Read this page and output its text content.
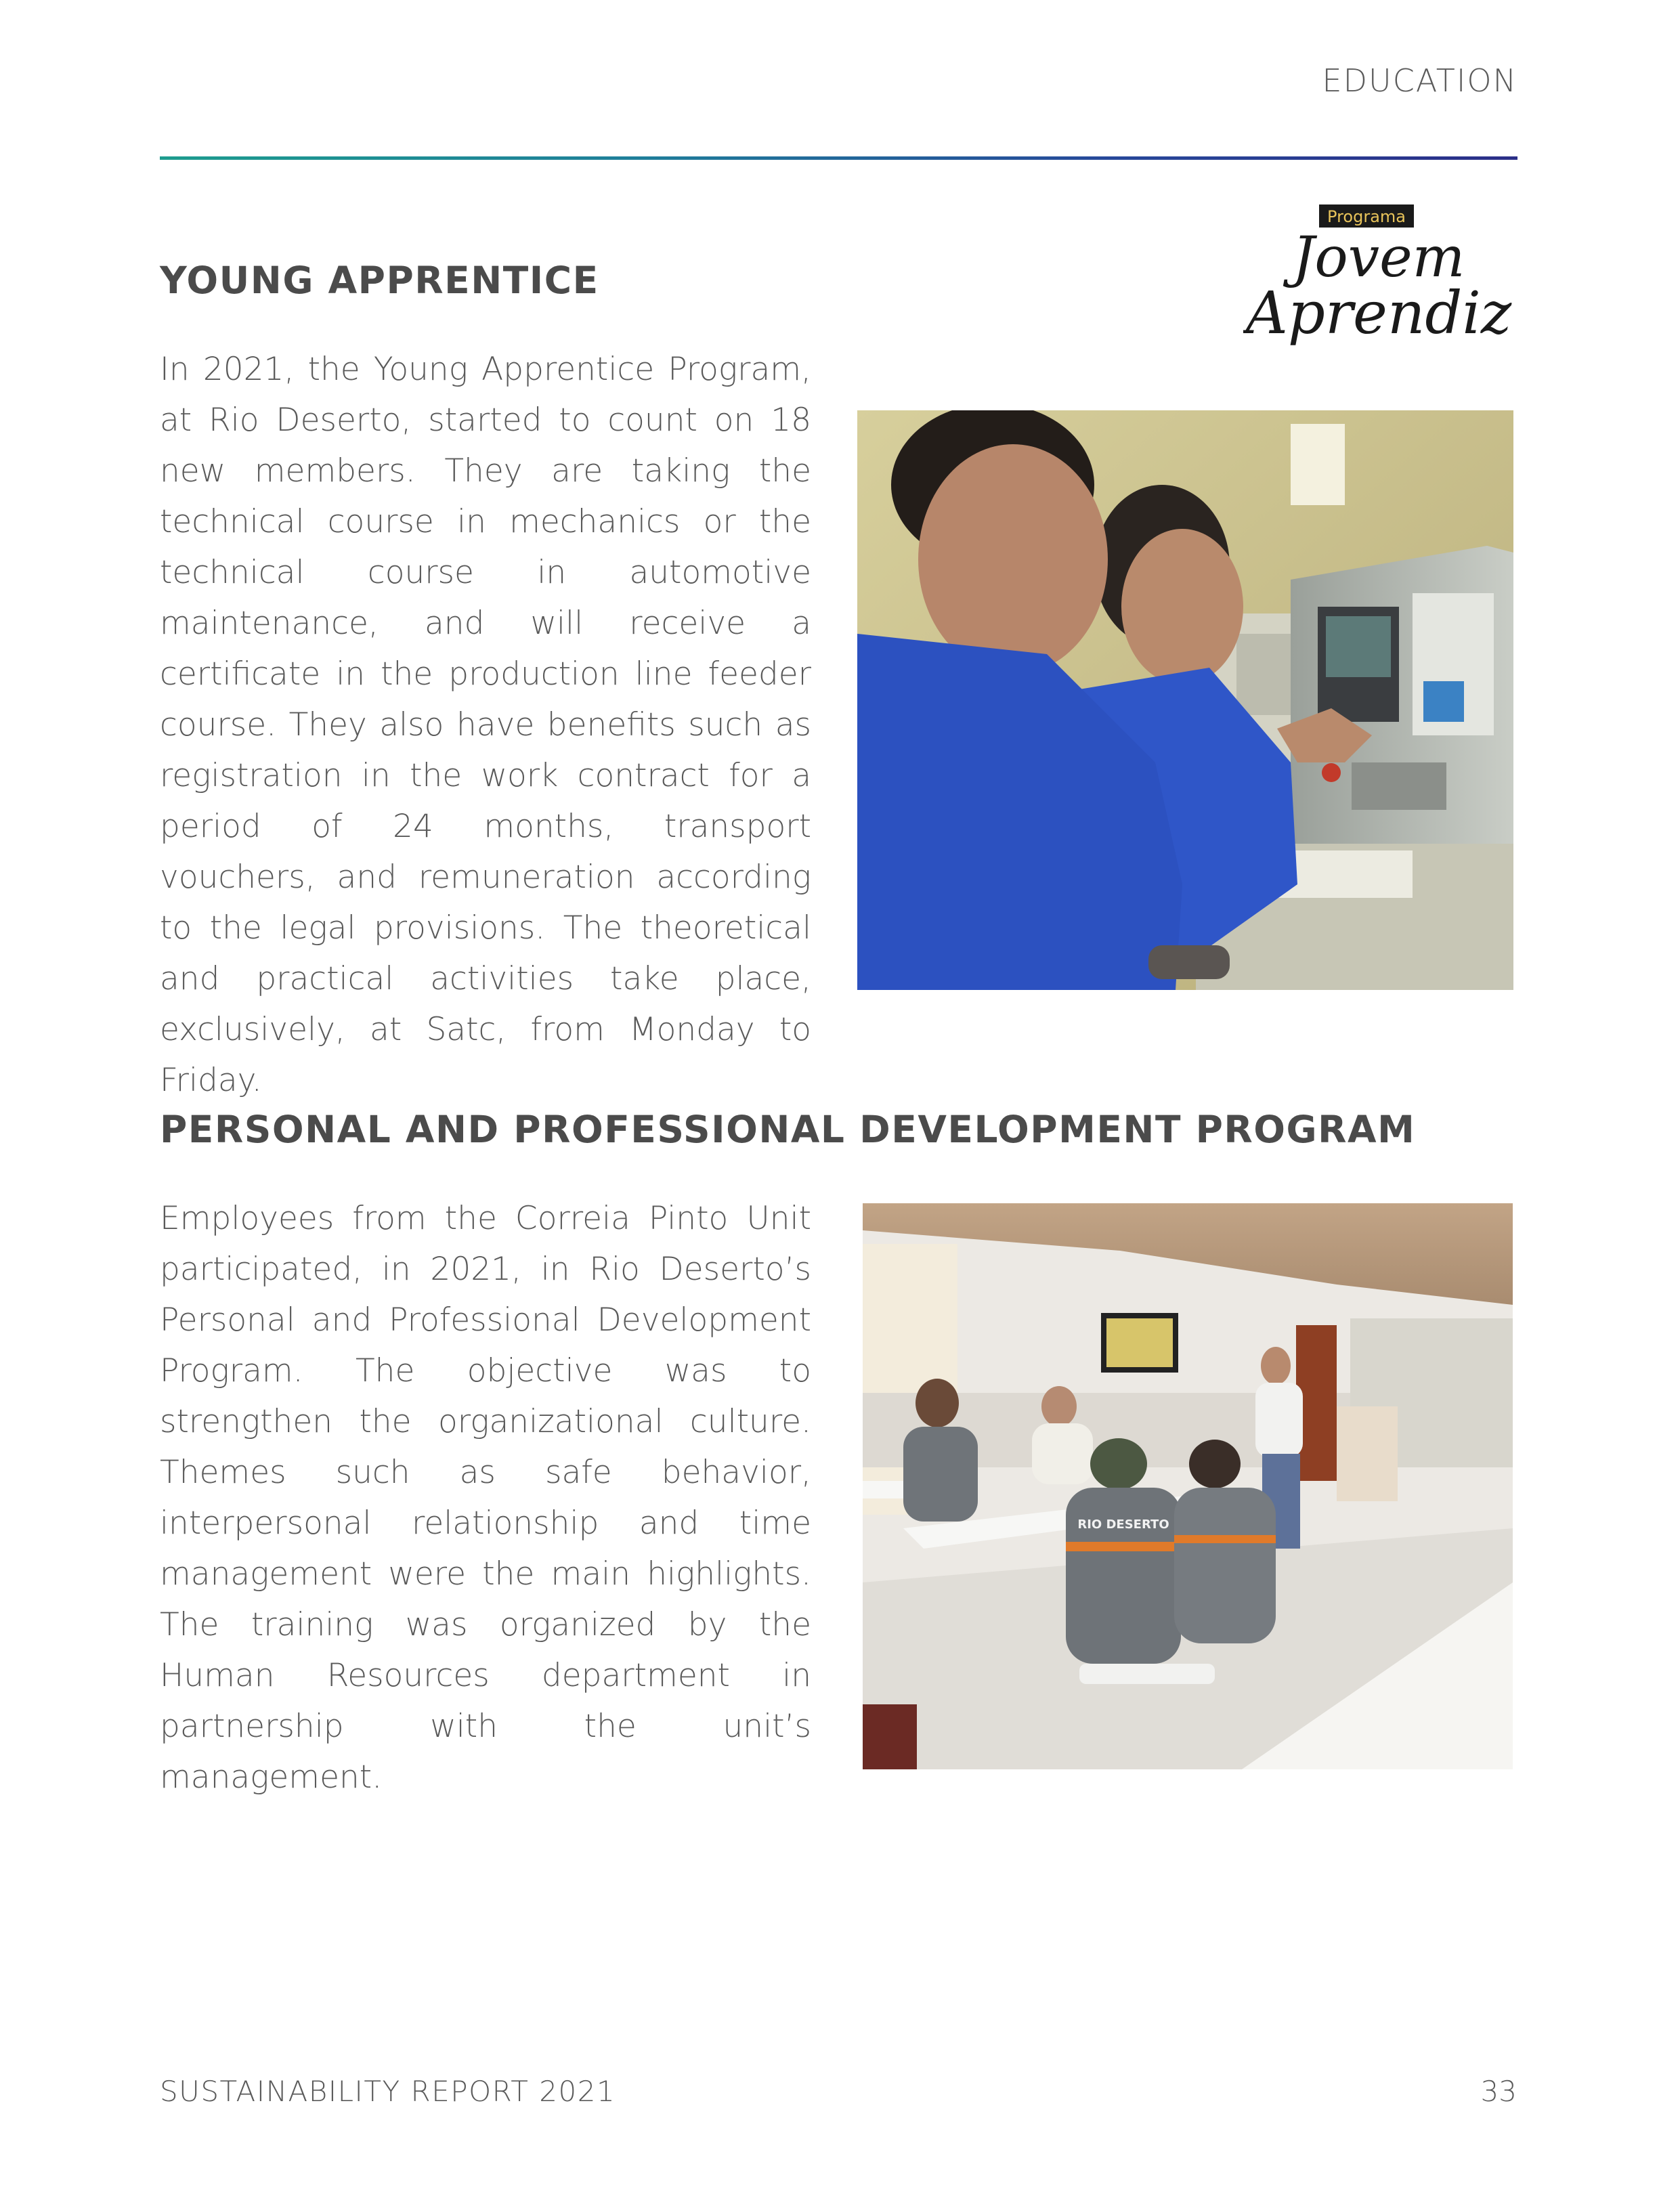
EDUCATION
YOUNG APPRENTICE
In 2021, the Young Apprentice Program, at Rio Deserto, started to count on 18 new members. They are taking the technical course in mechanics or the technical course in automotive maintenance, and will receive a certificate in the production line feeder course. They also have benefits such as registration in the work contract for a period of 24 months, transport vouchers, and remuneration according to the legal provisions. The theoretical and practical activities take place, exclusively, at Satc, from Monday to Friday.
Programa
Jovem
Aprendiz
PERSONAL AND PROFESSIONAL DEVELOPMENT PROGRAM
Employees from the Correia Pinto Unit participated, in 2021, in Rio Deserto’s Personal and Professional Development Program. The objective was to strengthen the organizational culture. Themes such as safe behavior, interpersonal relationship and time management were the main highlights. The training was organized by the Human Resources department in partnership with the unit’s management.
RIO DESERTO
SUSTAINABILITY REPORT 2021	33
